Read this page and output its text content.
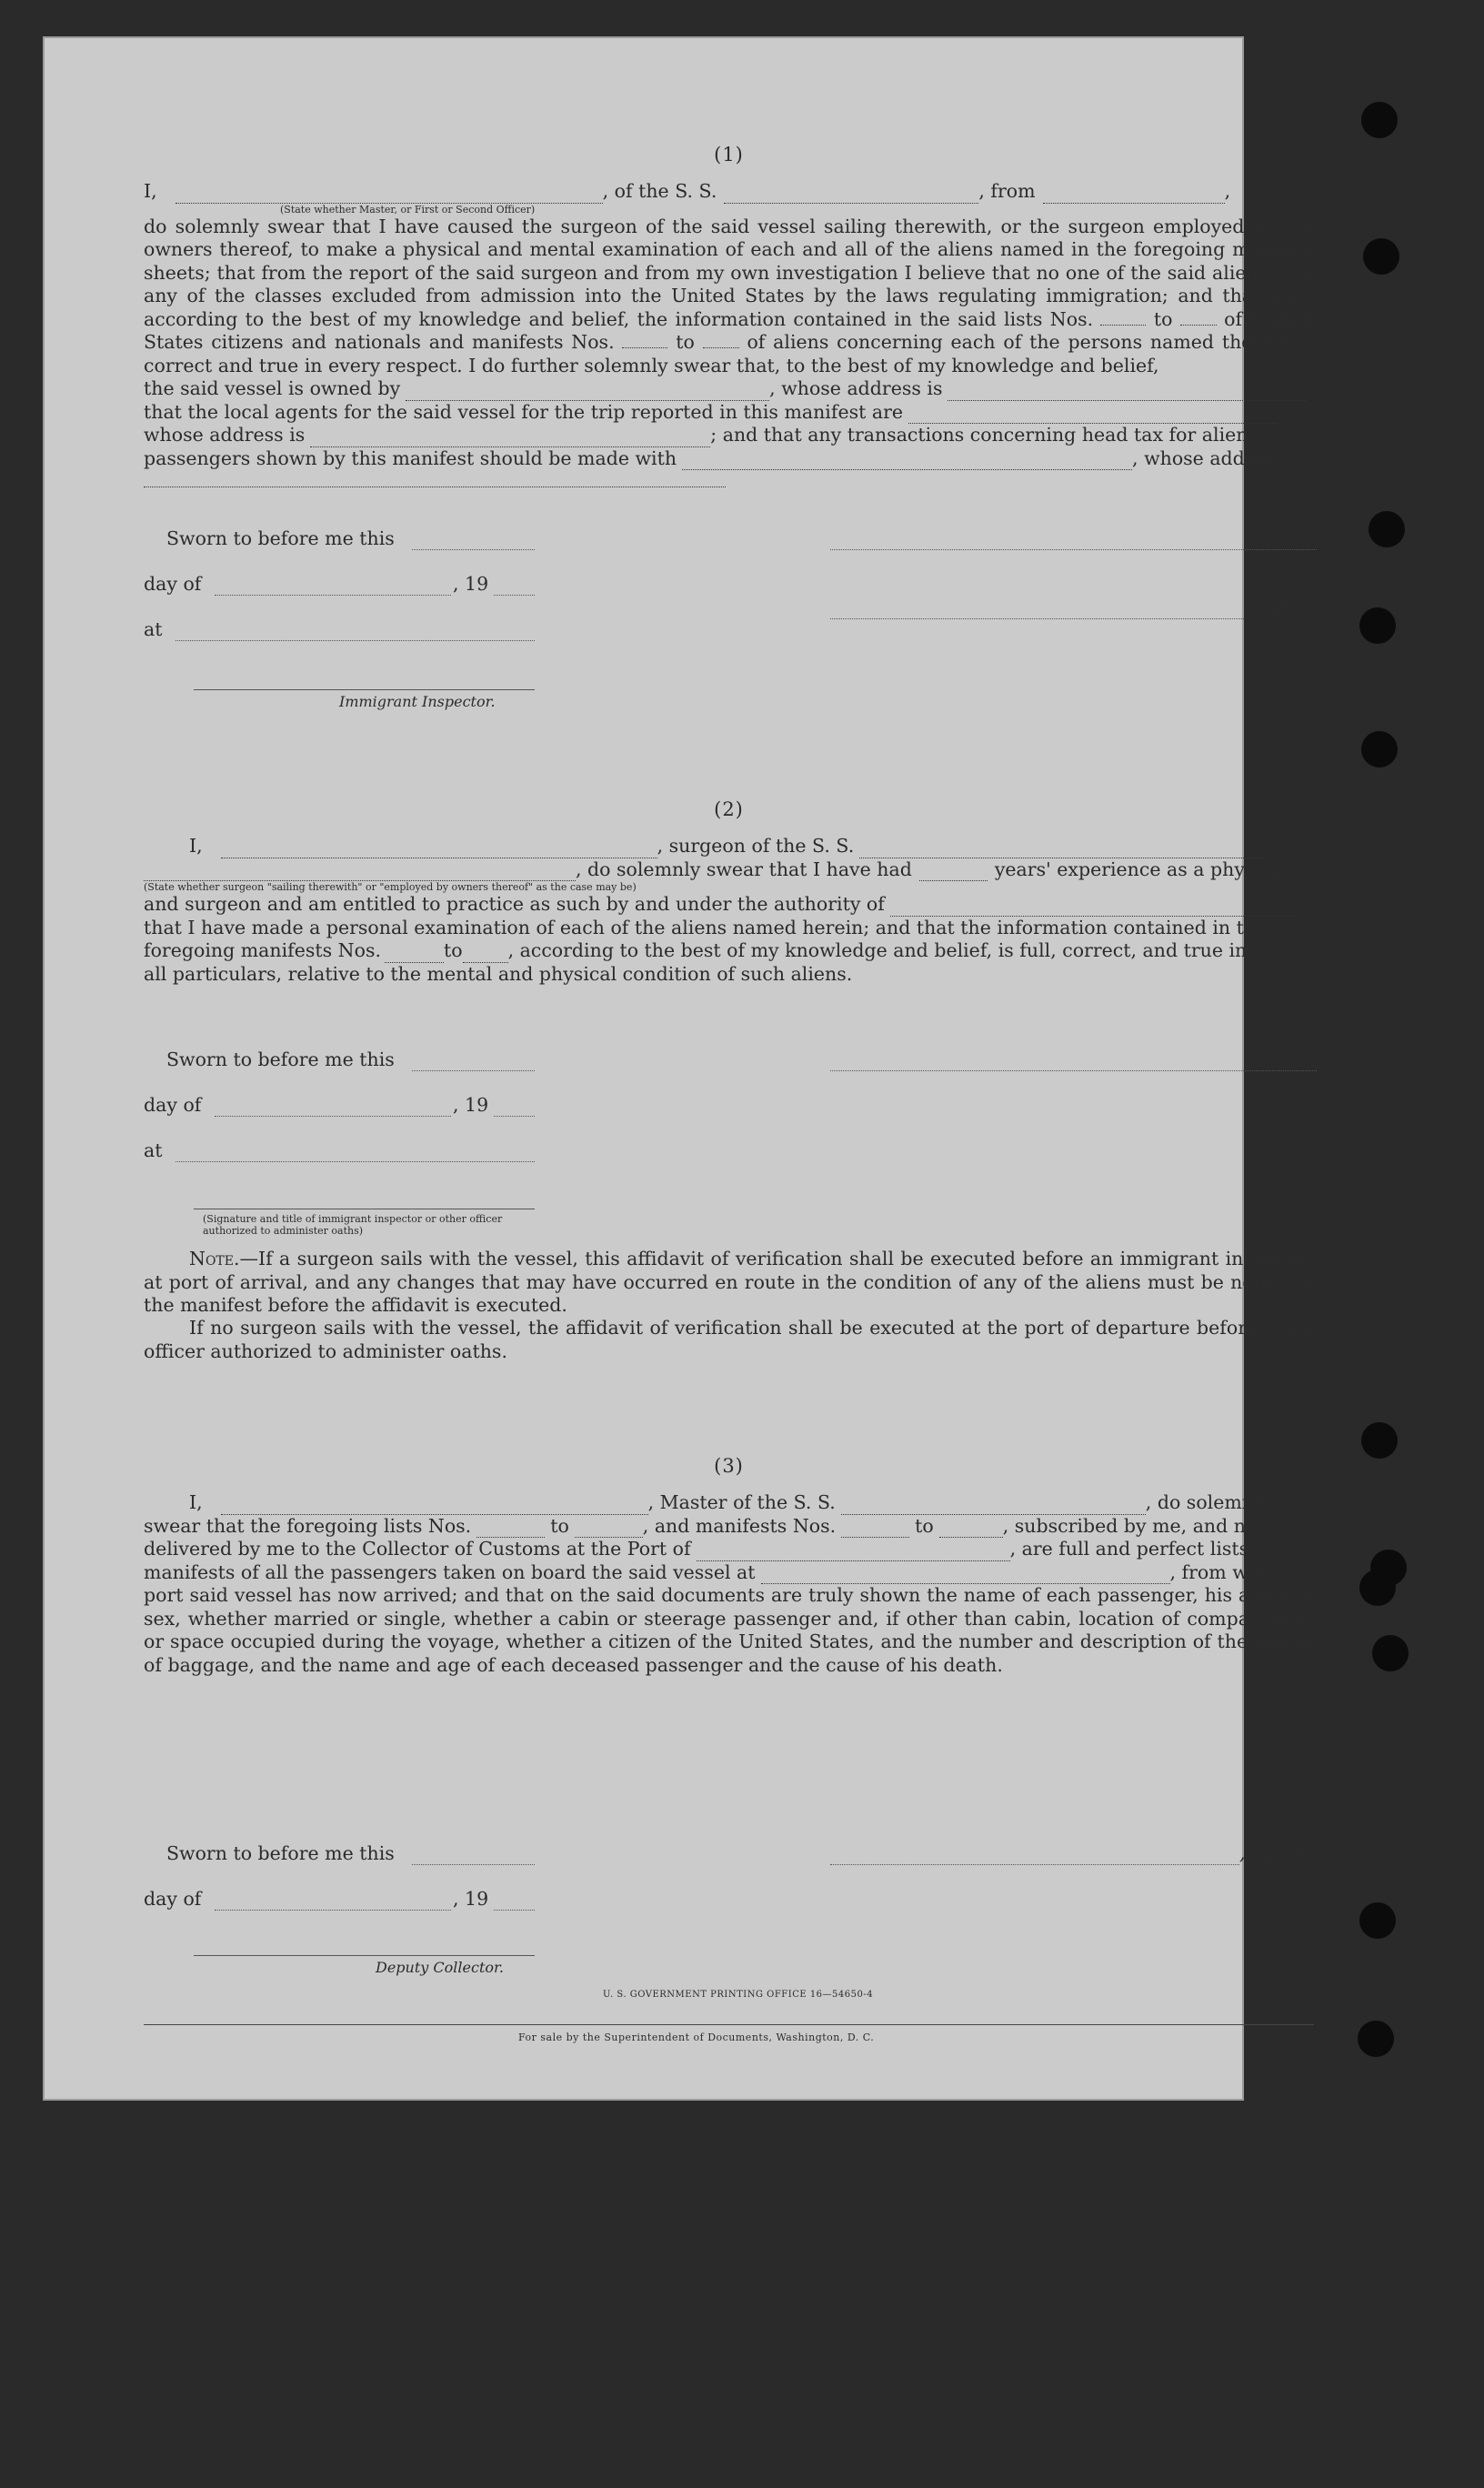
(1)

I,	, of the S. S.	, from	,
(State whether Master, or First or Second Officer)

do solemnly swear that I have caused the surgeon of the said vessel sailing therewith, or the surgeon employed by the owners thereof, to make a physical and mental examination of each and all of the aliens named in the foregoing manifest sheets; that from the report of the said surgeon and from my own investigation I believe that no one of the said aliens is of any of the classes excluded from admission into the United States by the laws regulating immigration; and that also, according to the best of my knowledge and belief, the information contained in the said lists Nos.	to	of United States citizens and nationals and manifests Nos.	to	of aliens concerning each of the persons named therein is correct and true in every respect. I do further solemnly swear that, to the best of my knowledge and belief,

the said vessel is owned by	, whose address is	;
that the local agents for the said vessel for the trip reported in this manifest are	,
whose address is	; and that any transactions concerning head tax for alien
passengers shown by this manifest should be made with	, whose address is
Sworn to before me this
day of	, 19
, Officer
at
Immigrant Inspector.

(2)

I,	, surgeon of the S. S.	,
, do solemnly swear that I have had	years' experience as a physician
(State whether surgeon "sailing therewith" or "employed by owners thereof" as the case may be)
and surgeon and am entitled to practice as such by and under the authority of	;
that I have made a personal examination of each of the aliens named herein; and that the information contained in the
foregoing manifests Nos.	to , according to the best of my knowledge and belief, is full, correct, and true in
all particulars, relative to the mental and physical condition of such aliens.
Sworn to before me this
day of	, 19
at
(Signature and title of immigrant inspector or other officer authorized to administer oaths)

Note.—If a surgeon sails with the vessel, this affidavit of verification shall be executed before an immigrant inspector at port of arrival, and any changes that may have occurred en route in the condition of any of the aliens must be noted on the manifest before the affidavit is executed.

If no surgeon sails with the vessel, the affidavit of verification shall be executed at the port of departure before some officer authorized to administer oaths.

(3)

I,	, Master of the S. S.	, do solemnly
swear that the foregoing lists Nos.	to	, and manifests Nos.	to	, subscribed by me, and now
delivered by me to the Collector of Customs at the Port of	, are full and perfect lists and
manifests of all the passengers taken on board the said vessel at	, from which

port said vessel has now arrived; and that on the said documents are truly shown the name of each passenger, his age and sex, whether married or single, whether a cabin or steerage passenger and, if other than cabin, location of compartment or space occupied during the voyage, whether a citizen of the United States, and the number and description of the pieces of baggage, and the name and age of each deceased passenger and the cause of his death.

Sworn to before me this	, Master
day of	, 19
Deputy Collector.
U. S. GOVERNMENT PRINTING OFFICE 16—54650-4
For sale by the Superintendent of Documents, Washington, D. C.
